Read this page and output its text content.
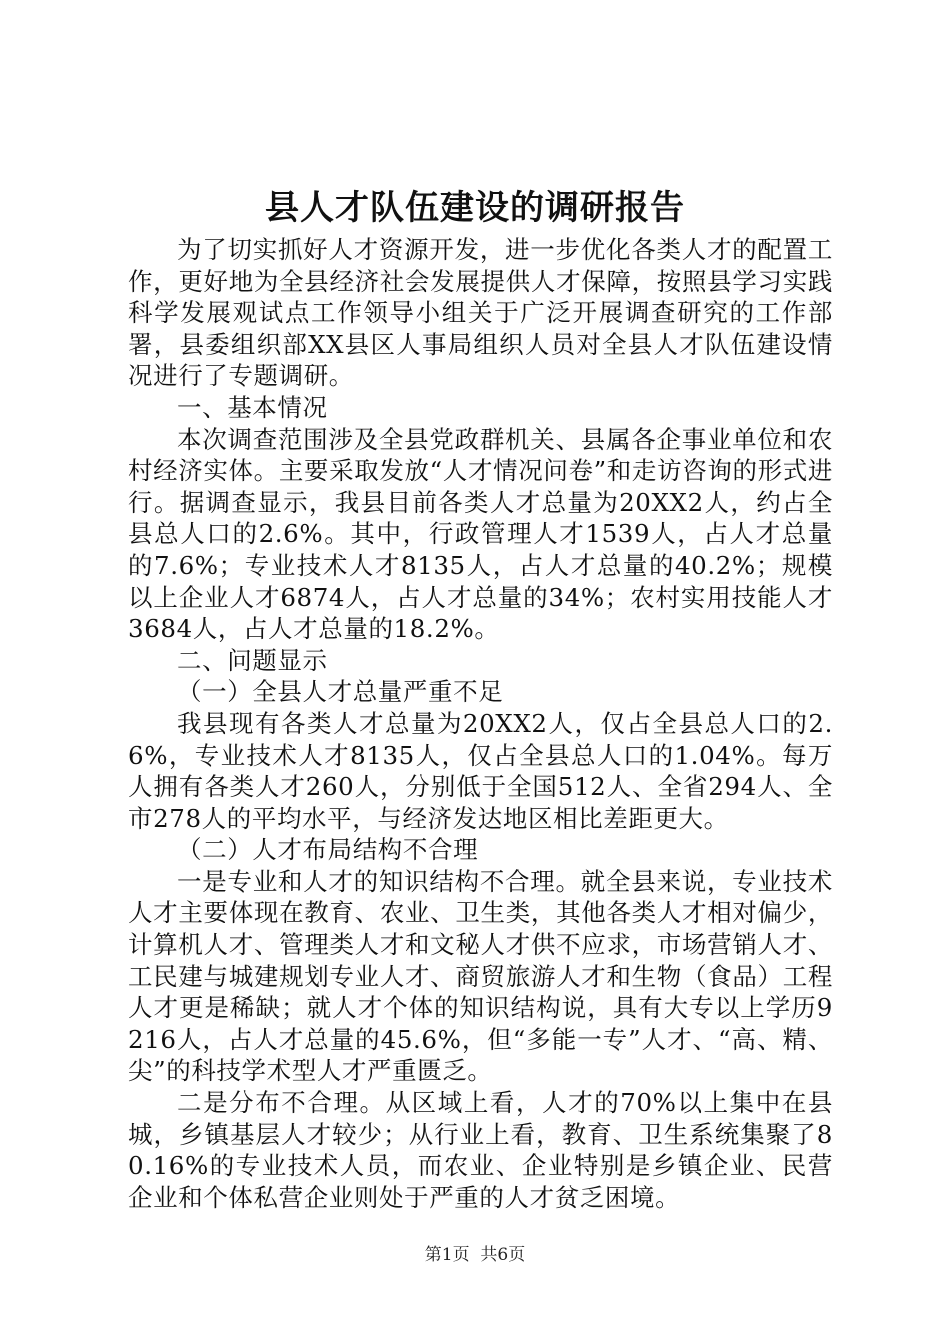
县人才队伍建设的调研报告

为了切实抓好人才资源开发，进一步优化各类人才的配置工作，更好地为全县经济社会发展提供人才保障，按照县学习实践科学发展观试点工作领导小组关于广泛开展调查研究的工作部署，县委组织部XX县区人事局组织人员对全县人才队伍建设情况进行了专题调研。

一、基本情况

本次调查范围涉及全县党政群机关、县属各企事业单位和农村经济实体。主要采取发放“人才情况问卷”和走访咨询的形式进行。据调查显示，我县目前各类人才总量为20XX2人，约占全县总人口的2.6%。其中，行政管理人才1539人，占人才总量的7.6%；专业技术人才8135人，占人才总量的40.2%；规模以上企业人才6874人，占人才总量的34%；农村实用技能人才3684人，占人才总量的18.2%。

二、问题显示

（一）全县人才总量严重不足

我县现有各类人才总量为20XX2人，仅占全县总人口的2.6%，专业技术人才8135人，仅占全县总人口的1.04%。每万人拥有各类人才260人，分别低于全国512人、全省294人、全市278人的平均水平，与经济发达地区相比差距更大。

（二）人才布局结构不合理

一是专业和人才的知识结构不合理。就全县来说，专业技术人才主要体现在教育、农业、卫生类，其他各类人才相对偏少，计算机人才、管理类人才和文秘人才供不应求，市场营销人才、工民建与城建规划专业人才、商贸旅游人才和生物（食品）工程人才更是稀缺；就人才个体的知识结构说，具有大专以上学历9216人，占人才总量的45.6%，但“多能一专”人才、“高、精、尖”的科技学术型人才严重匮乏。

二是分布不合理。从区域上看，人才的70%以上集中在县城，乡镇基层人才较少；从行业上看，教育、卫生系统集聚了80.16%的专业技术人员，而农业、企业特别是乡镇企业、民营企业和个体私营企业则处于严重的人才贫乏困境。

第1页  共6页
